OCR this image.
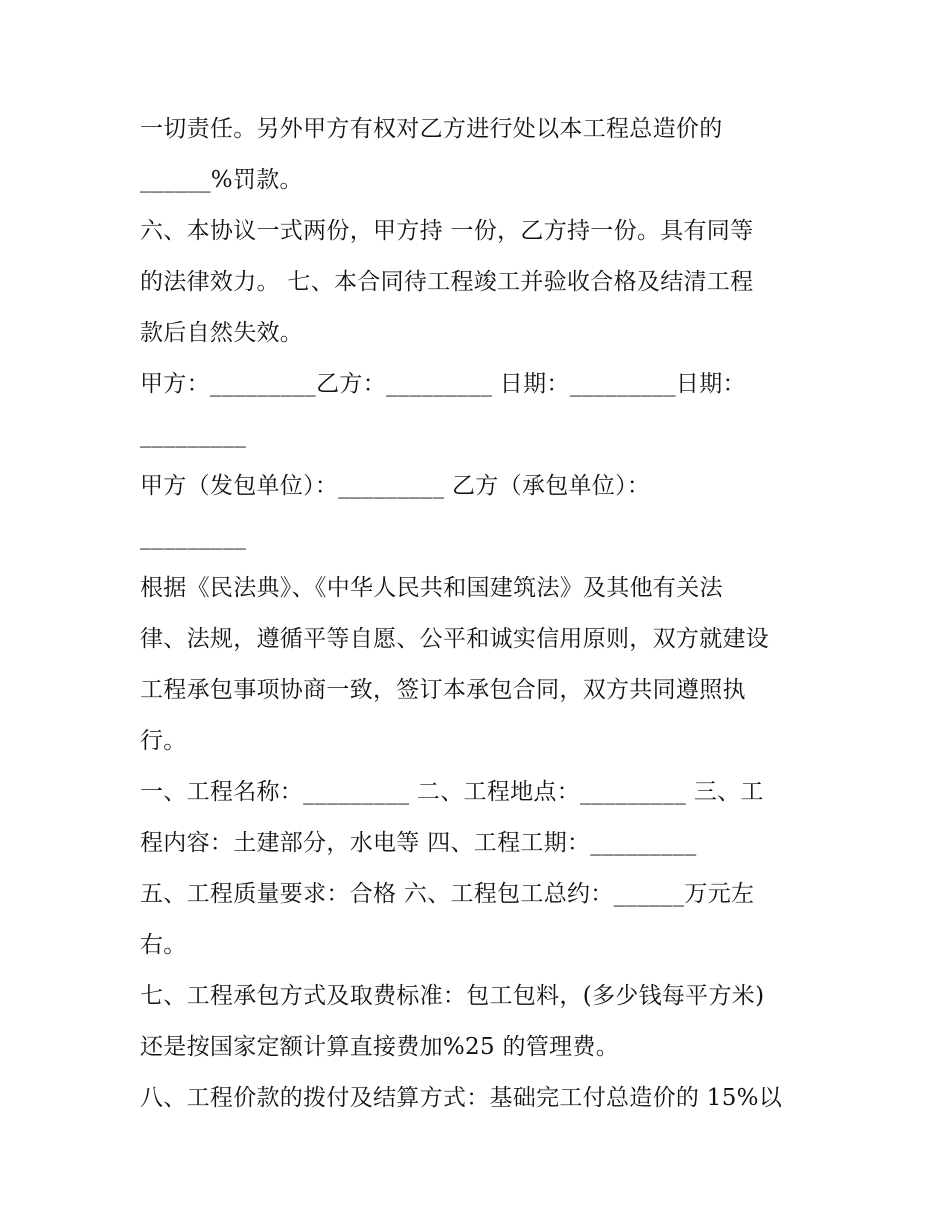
一切责任。另外甲方有权对乙方进行处以本工程总造价的
______%罚款。
六、本协议一式两份，甲方持 一份，乙方持一份。具有同等
的法律效力。 七、本合同待工程竣工并验收合格及结清工程
款后自然失效。
甲方：_________乙方：_________ 日期：_________日期：
_________
甲方（发包单位）：_________ 乙方（承包单位）：
_________
根据《民法典》、《中华人民共和国建筑法》及其他有关法
律、法规，遵循平等自愿、公平和诚实信用原则，双方就建设
工程承包事项协商一致，签订本承包合同，双方共同遵照执
行。
一、工程名称：_________ 二、工程地点：_________ 三、工
程内容：土建部分，水电等 四、工程工期：_________
五、工程质量要求：合格 六、工程包工总约：______万元左
右。
七、工程承包方式及取费标准：包工包料，(多少钱每平方米)
还是按国家定额计算直接费加%25 的管理费。
八、工程价款的拨付及结算方式：基础完工付总造价的 15%以
